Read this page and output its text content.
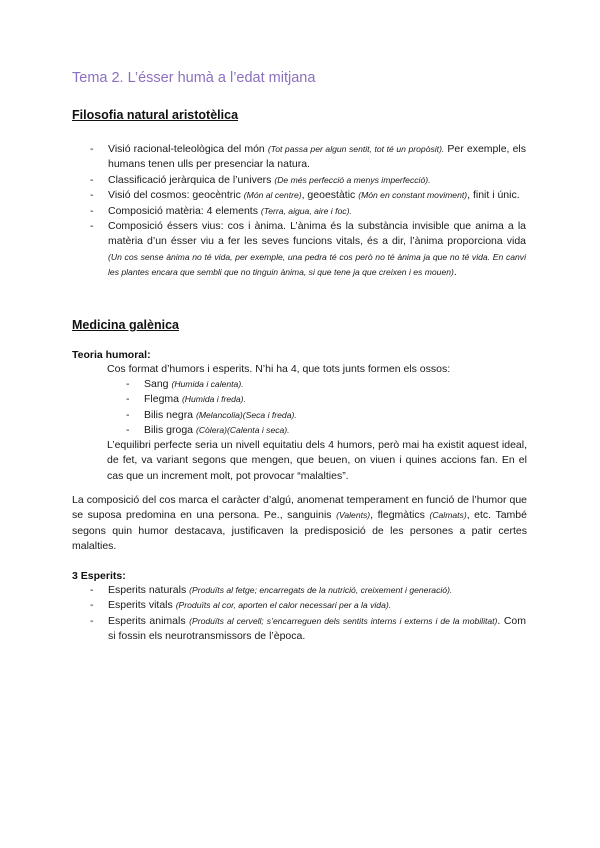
Tema 2. L’ésser humà a l’edat mitjana
Filosofia natural aristotèlica
- Visió racional-teleològica del món (Tot passa per algun sentit, tot té un propòsit). Per exemple, els humans tenen ulls per presenciar la natura.
- Classificació jeràrquica de l’univers (De més perfecció a menys imperfecció).
- Visió del cosmos: geocèntric (Món al centre), geoestàtic (Món en constant moviment), finit i únic.
- Composició matèria: 4 elements (Terra, aigua, aire i foc).
- Composició éssers vius: cos i ànima. L’ànima és la substància invisible que anima a la matèria d’un ésser viu a fer les seves funcions vitals, és a dir, l’ànima proporciona vida (Un cos sense ànima no té vida, per exemple, una pedra té cos però no té ànima ja que no té vida. En canvi les plantes encara que sembli que no tinguin ànima, si que tene ja que creixen i es mouen).
Medicina galènica
Teoria humoral:

Cos format d’humors i esperits. N’hi ha 4, que tots junts formen els ossos:

- Sang (Humida i calenta).
- Flegma (Humida i freda).
- Bilis negra (Melancolia)(Seca i freda).
- Bilis groga (Còlera)(Calenta i seca).

L’equilibri perfecte seria un nivell equitatiu dels 4 humors, però mai ha existit aquest ideal, de fet, va variant segons que mengen, que beuen, on viuen i quines accions fan. En el cas que un increment molt, pot provocar “malalties”.

La composició del cos marca el caràcter d’algú, anomenat temperament en funció de l’humor que se suposa predomina en una persona. Pe., sanguinis (Valents), flegmàtics (Calmats), etc. També segons quin humor destacava, justificaven la predisposició de les persones a patir certes malalties.

3 Esperits:
- Esperits naturals (Produïts al fetge; encarregats de la nutrició, creixement i generació).
- Esperits vitals (Produïts al cor, aporten el calor necessari per a la vida).
- Esperits animals (Produïts al cervell; s’encarreguen dels sentits interns i externs i de la mobilitat). Com si fossin els neurotransmissors de l’època.
